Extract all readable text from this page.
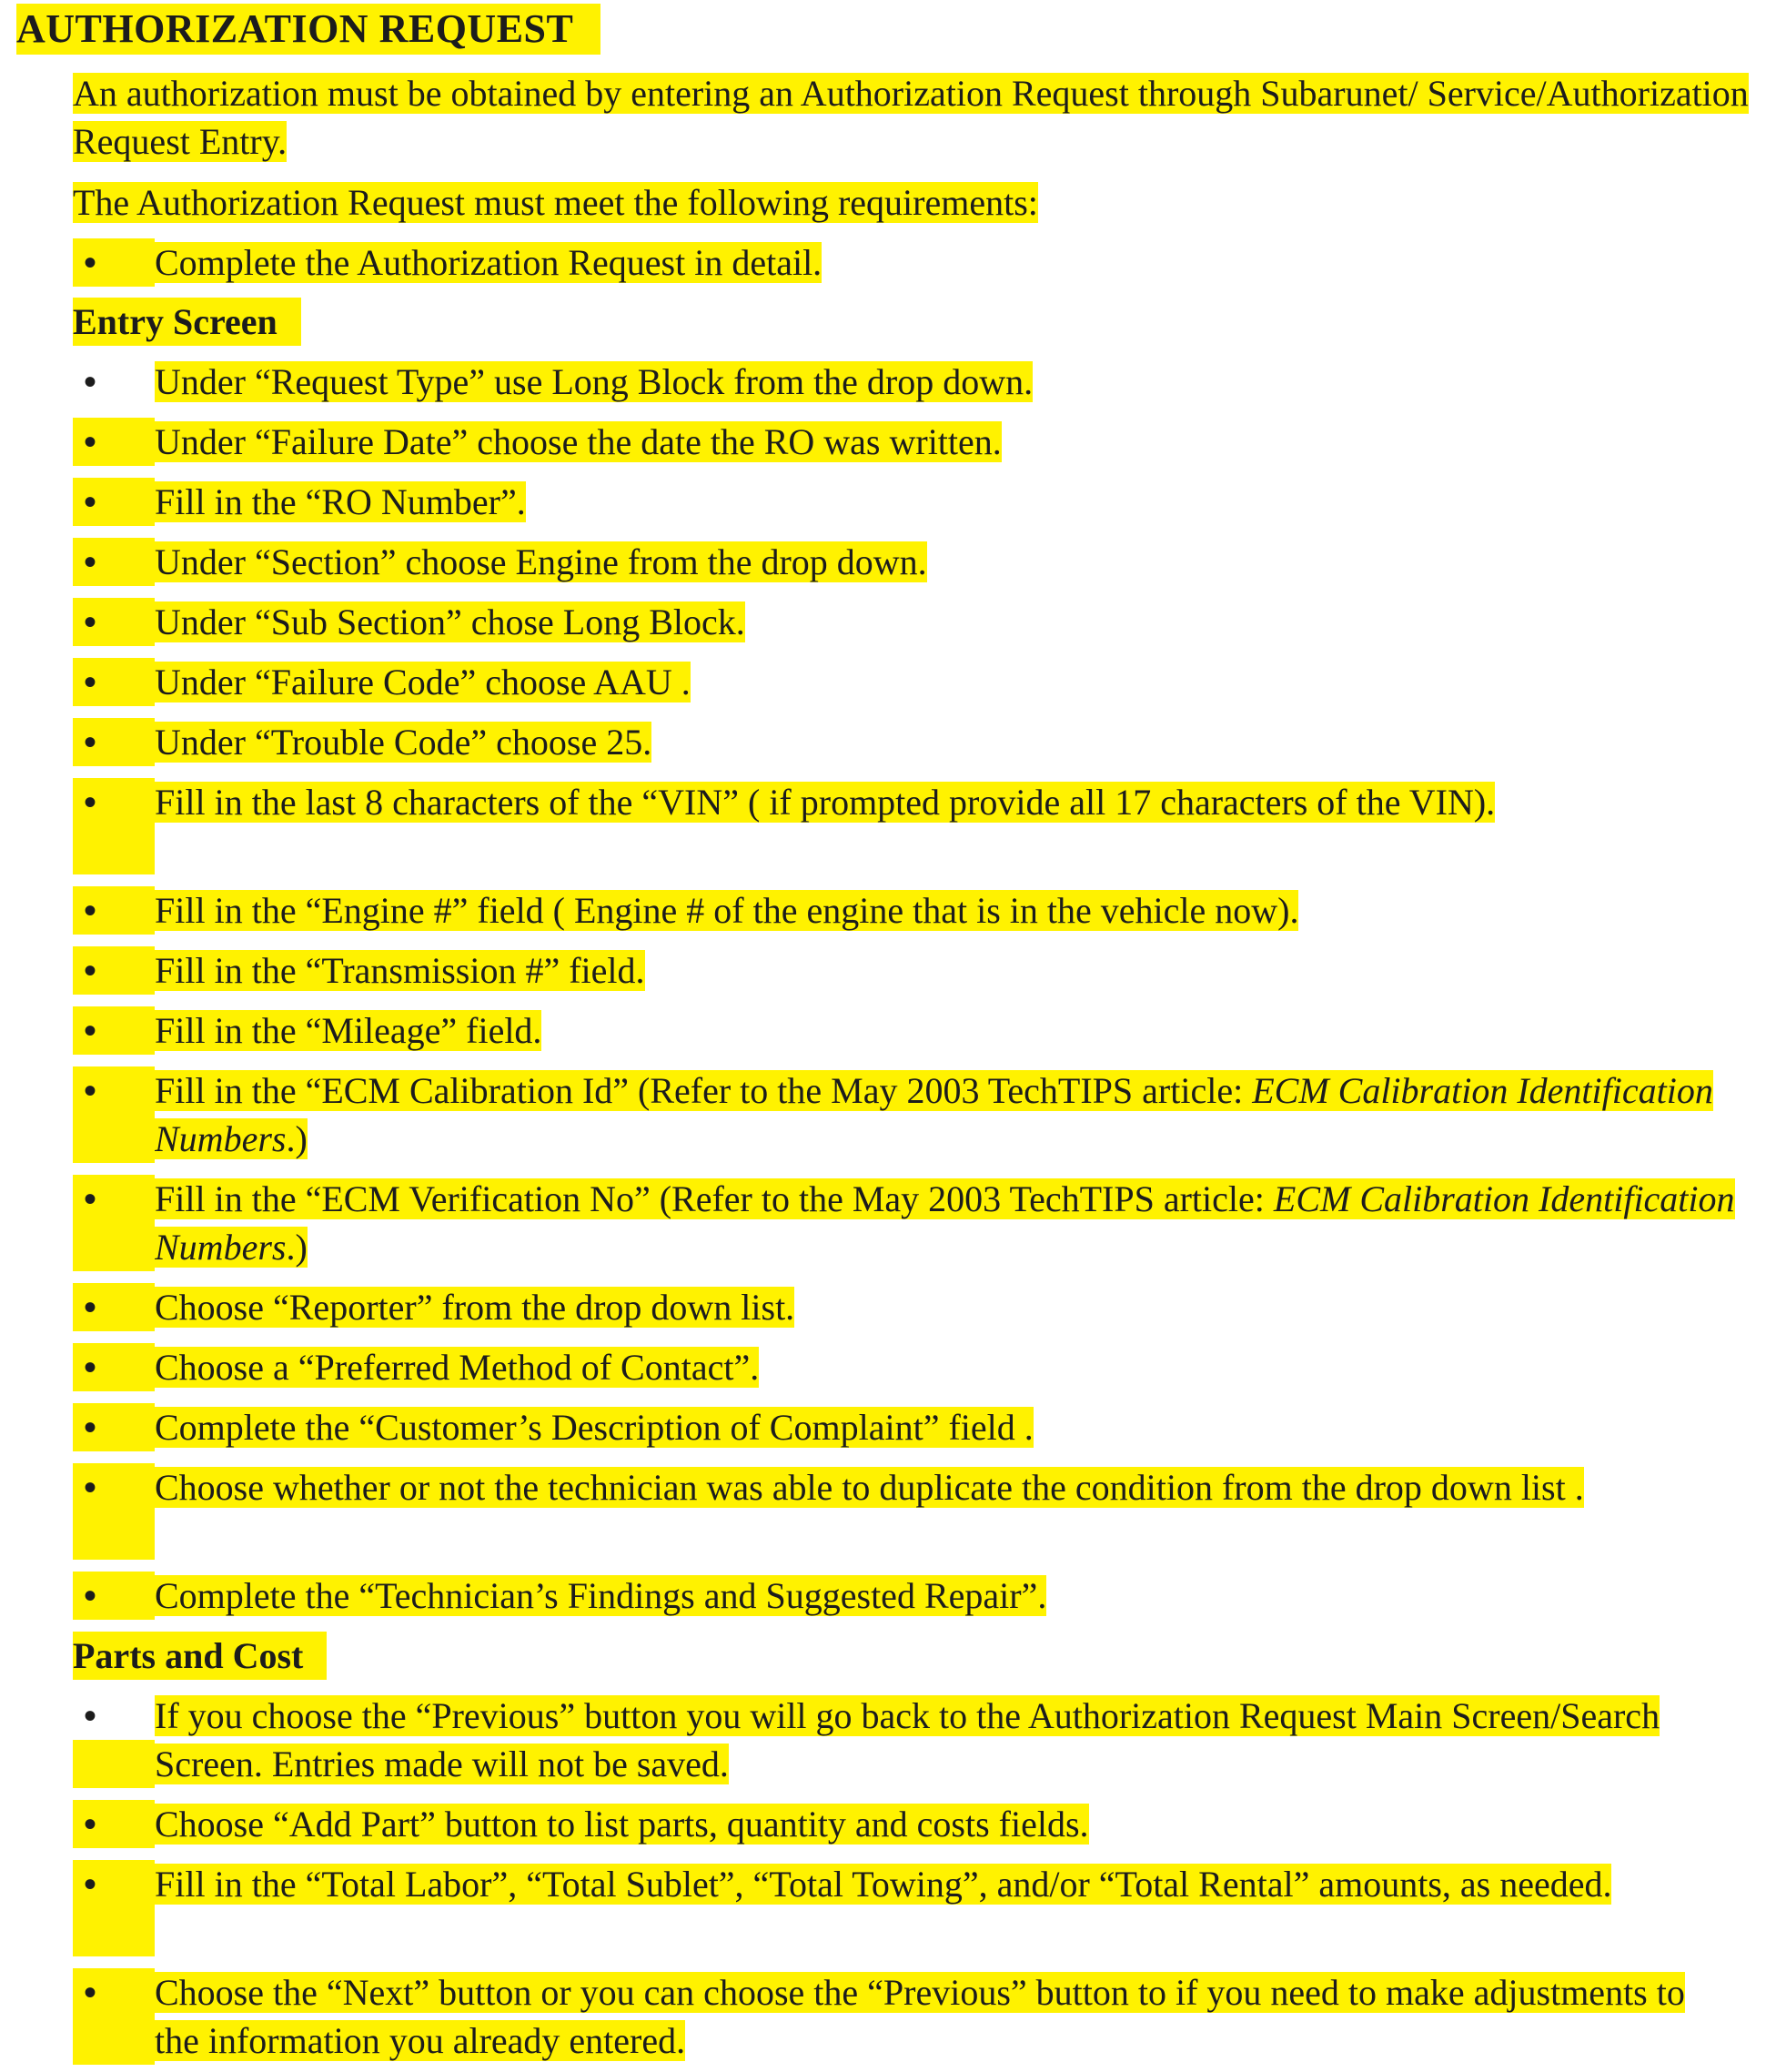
AUTHORIZATION REQUEST
An authorization must be obtained by entering an Authorization Request through Subarunet/ Service/Authorization Request Entry.
The Authorization Request must meet the following requirements:
•	Complete the Authorization Request in detail.
Entry Screen
•	Under “Request Type” use Long Block from the drop down.
•	Under “Failure Date” choose the date the RO was written.
•	Fill in the “RO Number”.
•	Under “Section” choose Engine from the drop down.
•	Under “Sub Section” chose Long Block.
•	Under “Failure Code” choose AAU .
•	Under “Trouble Code” choose 25.
•	Fill in the last 8 characters of the “VIN” ( if prompted provide all 17 characters of the VIN).
•	Fill in the “Engine #” field ( Engine # of the engine that is in the vehicle now).
•	Fill in the “Transmission #” field.
•	Fill in the “Mileage” field.
•	Fill in the “ECM Calibration Id” (Refer to the May 2003 TechTIPS article: ECM Calibration Identification Numbers.)
•	Fill in the “ECM Verification No” (Refer to the May 2003 TechTIPS article: ECM Calibration Identification Numbers.)
•	Choose “Reporter” from the drop down list.
•	Choose a “Preferred Method of Contact”.
•	Complete the “Customer’s Description of Complaint” field .
•	Choose whether or not the technician was able to duplicate the condition from the drop down list .
•	Complete the “Technician’s Findings and Suggested Repair”.
Parts and Cost
•	If you choose the “Previous” button you will go back to the Authorization Request Main Screen/Search Screen. Entries made will not be saved.
•	Choose “Add Part” button to list parts, quantity and costs fields.
•	Fill in the “Total Labor”, “Total Sublet”, “Total Towing”, and/or “Total Rental” amounts, as needed.
•	Choose the “Next” button or you can choose the “Previous” button to if you need to make adjustments to the information you already entered.
